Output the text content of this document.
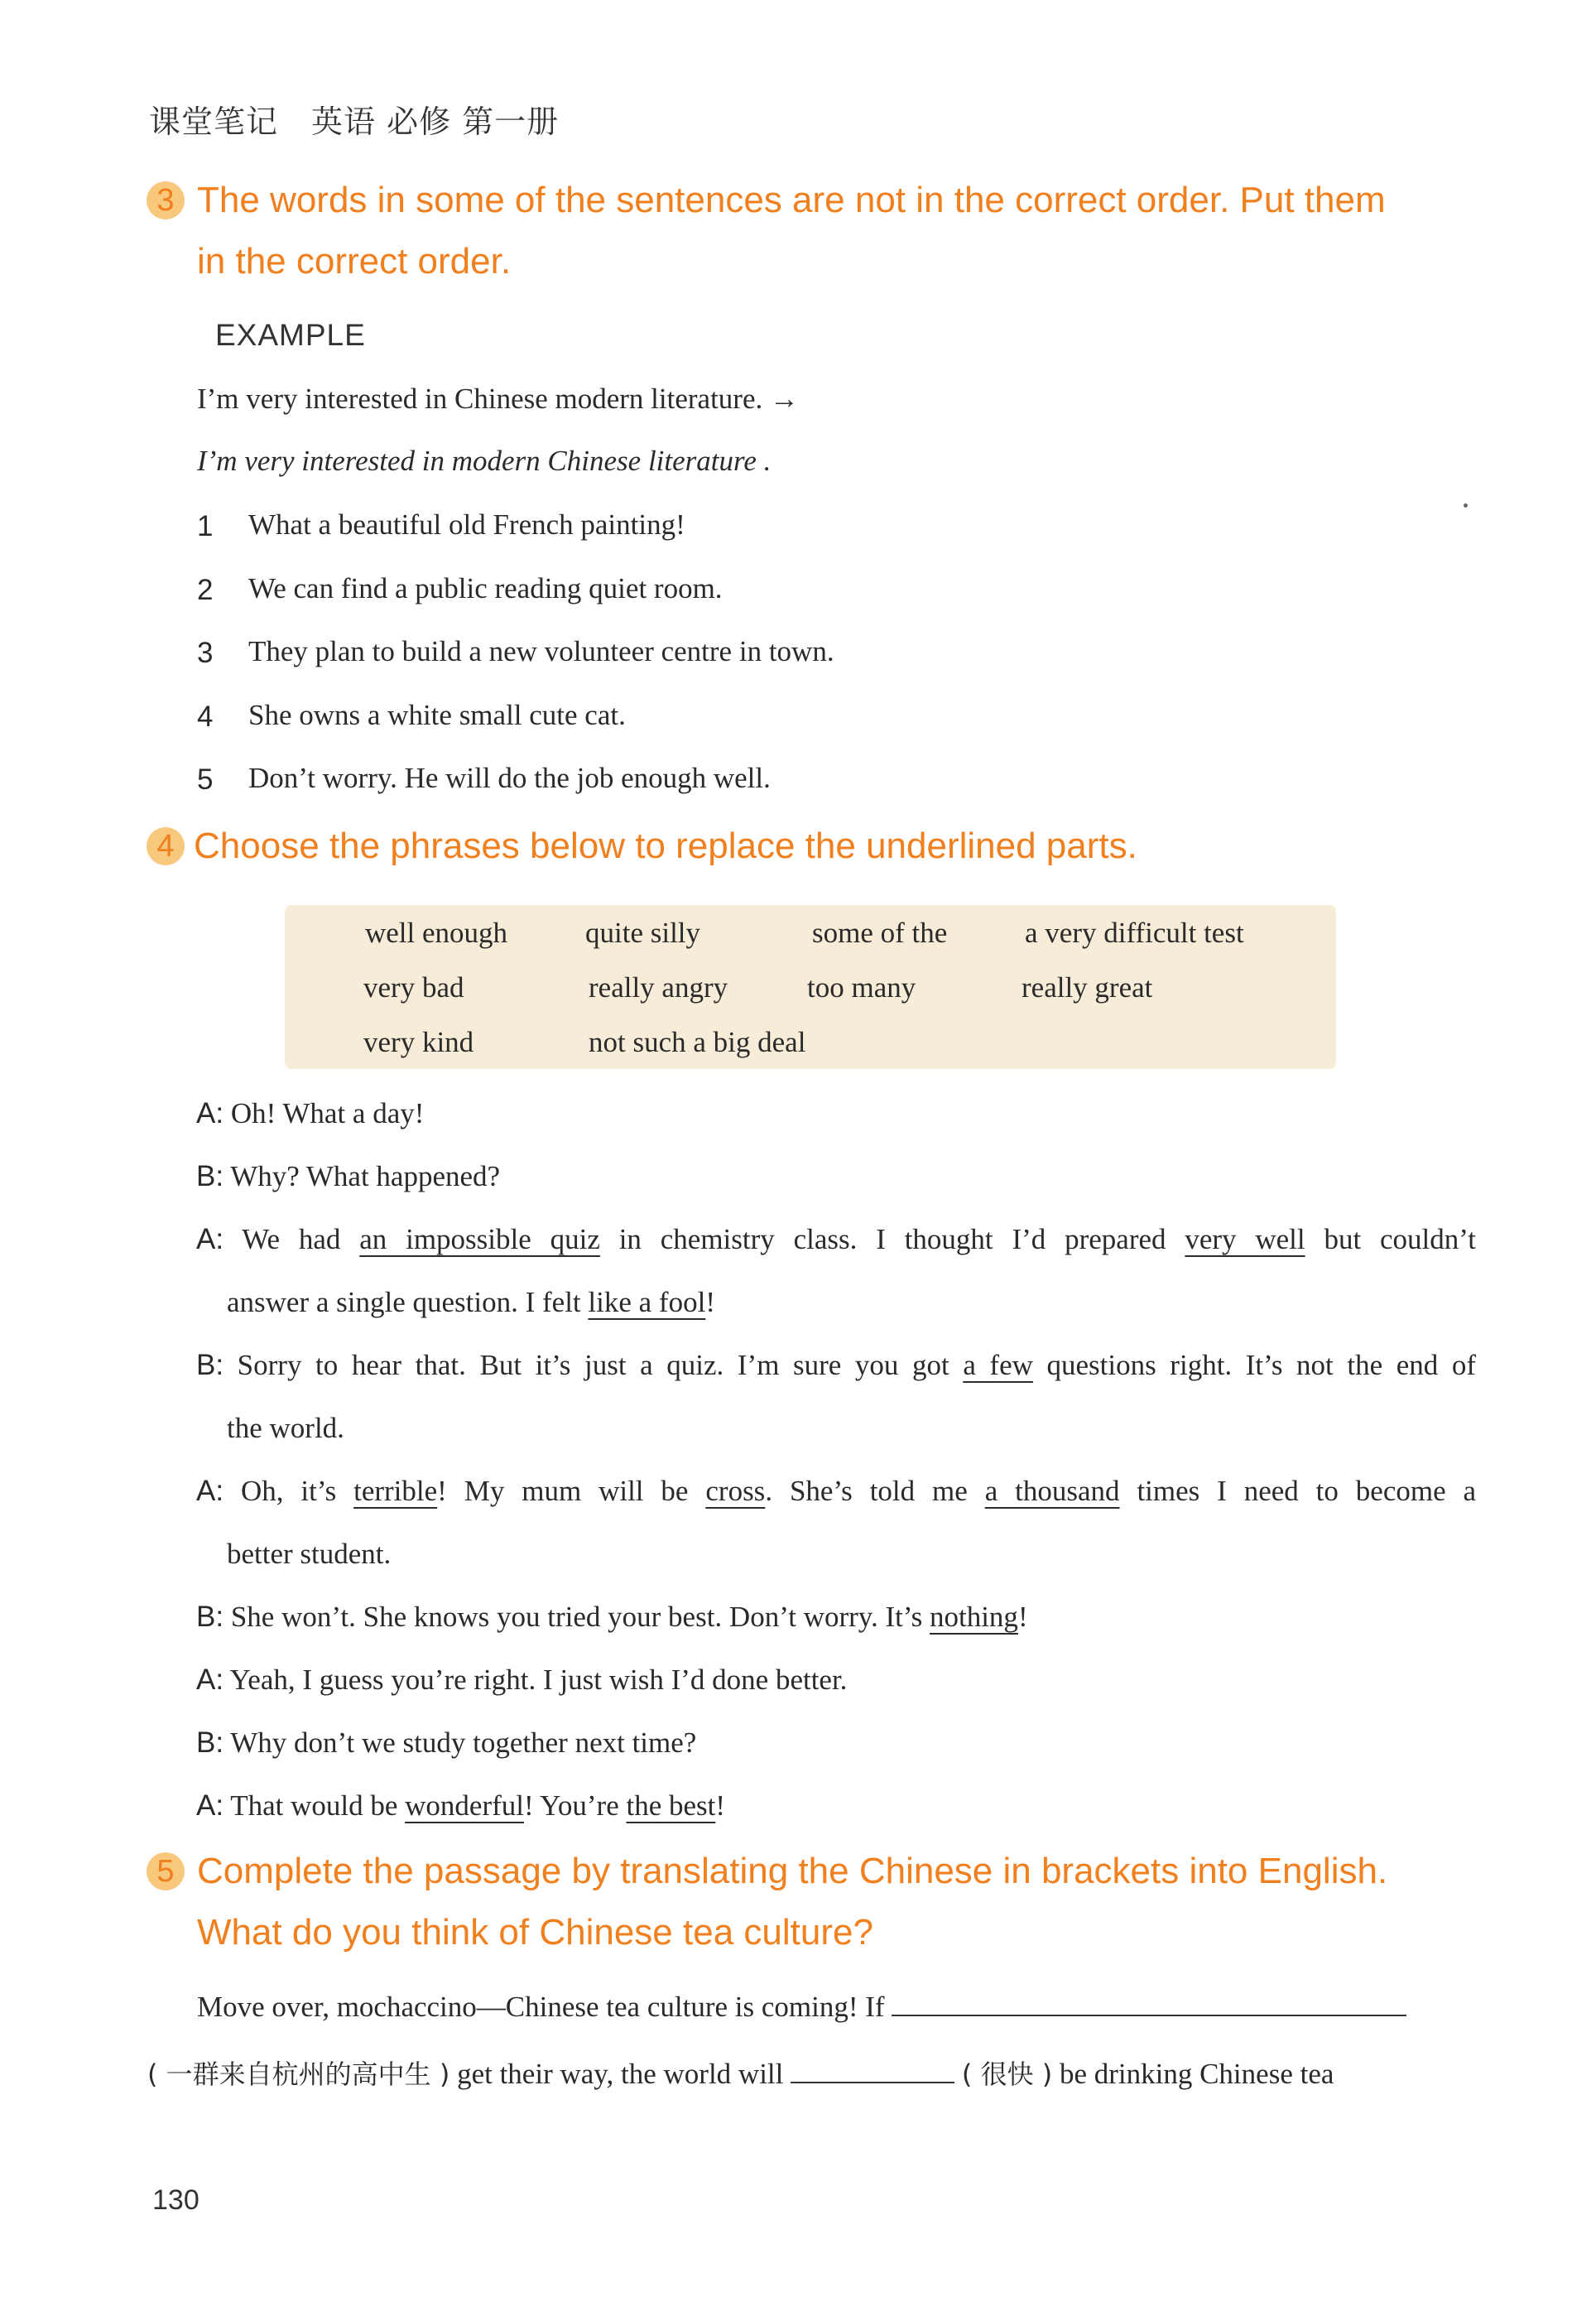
课堂笔记 英语 必修 第一册
3 The words in some of the sentences are not in the correct order. Put them
in the correct order.
EXAMPLE
I’m very interested in Chinese modern literature. →
I’m very interested in modern Chinese literature .
1 What a beautiful old French painting!
2 We can find a public reading quiet room.
3 They plan to build a new volunteer centre in town.
4 She owns a white small cute cat.
5 Don’t worry. He will do the job enough well.
4 Choose the phrases below to replace the underlined parts.
well enough	quite silly	some of the	a very difficult test
very bad	really angry	too many	really great
very kind	not such a big deal
A: Oh! What a day!
B: Why? What happened?
A: We had an impossible quiz in chemistry class. I thought I’d prepared very well but couldn’t
answer a single question. I felt like a fool!
B: Sorry to hear that. But it’s just a quiz. I’m sure you got a few questions right. It’s not the end of
the world.
A: Oh, it’s terrible! My mum will be cross. She’s told me a thousand times I need to become a
better student.
B: She won’t. She knows you tried your best. Don’t worry. It’s nothing!
A: Yeah, I guess you’re right. I just wish I’d done better.
B: Why don’t we study together next time?
A: That would be wonderful! You’re the best!
5 Complete the passage by translating the Chinese in brackets into English.
What do you think of Chinese tea culture?
Move over, mochaccino—Chinese tea culture is coming! If
( 一群来自杭州的高中生 ) get their way, the world will	( 很快 ) be drinking Chinese tea
130
